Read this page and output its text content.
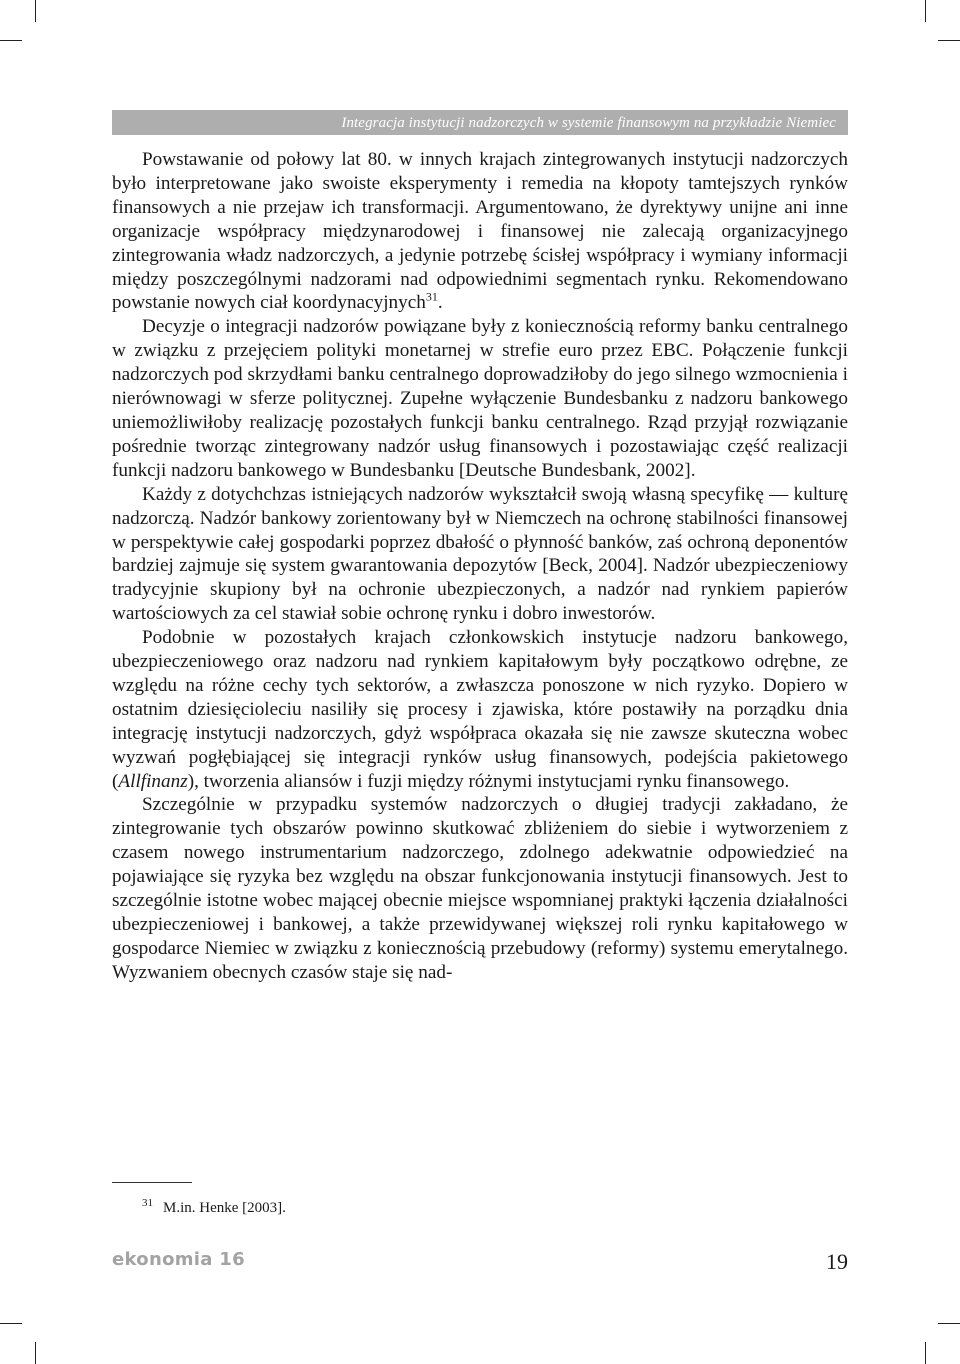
Integracja instytucji nadzorczych w systemie finansowym na przykładzie Niemiec

Powstawanie od połowy lat 80. w innych krajach zintegrowanych instytucji nadzorczych było interpretowane jako swoiste eksperymenty i remedia na kłopoty tamtejszych rynków finansowych a nie przejaw ich transformacji. Argumentowano, że dyrektywy unijne ani inne organizacje współpracy międzynarodowej i finansowej nie zalecają organizacyjnego zintegrowania władz nadzorczych, a jedynie potrzebę ścisłej współpracy i wymiany informacji między poszczególnymi nadzorami nad odpowiednimi segmentach rynku. Rekomendowano powstanie nowych ciał koordynacyjnych$^{31}$.

Decyzje o integracji nadzorów powiązane były z koniecznością reformy banku centralnego w związku z przejęciem polityki monetarnej w strefie euro przez EBC. Połączenie funkcji nadzorczych pod skrzydłami banku centralnego doprowadziłoby do jego silnego wzmocnienia i nierównowagi w sferze politycznej. Zupełne wyłączenie Bundesbanku z nadzoru bankowego uniemożliwiłoby realizację pozostałych funkcji banku centralnego. Rząd przyjął rozwiązanie pośrednie tworząc zintegrowany nadzór usług finansowych i pozostawiając część realizacji funkcji nadzoru bankowego w Bundesbanku [Deutsche Bundesbank, 2002].

Każdy z dotychchzas istniejących nadzorów wykształcił swoją własną specyfikę — kulturę nadzorczą. Nadzór bankowy zorientowany był w Niemczech na ochronę stabilności finansowej w perspektywie całej gospodarki poprzez dbałość o płynność banków, zaś ochroną deponentów bardziej zajmuje się system gwarantowania depozytów [Beck, 2004]. Nadzór ubezpieczeniowy tradycyjnie skupiony był na ochronie ubezpieczonych, a nadzór nad rynkiem papierów wartościowych za cel stawiał sobie ochronę rynku i dobro inwestorów.

Podobnie w pozostałych krajach członkowskich instytucje nadzoru bankowego, ubezpieczeniowego oraz nadzoru nad rynkiem kapitałowym były początkowo odrębne, ze względu na różne cechy tych sektorów, a zwłaszcza ponoszone w nich ryzyko. Dopiero w ostatnim dziesięcioleciu nasiliły się procesy i zjawiska, które postawiły na porządku dnia integrację instytucji nadzorczych, gdyż współpraca okazała się nie zawsze skuteczna wobec wyzwań pogłębiającej się integracji rynków usług finansowych, podejścia pakietowego (Allfinanz), tworzenia aliansów i fuzji między różnymi instytucjami rynku finansowego.

Szczególnie w przypadku systemów nadzorczych o długiej tradycji zakładano, że zintegrowanie tych obszarów powinno skutkować zbliżeniem do siebie i wytworzeniem z czasem nowego instrumentarium nadzorczego, zdolnego adekwatnie odpowiedzieć na pojawiające się ryzyka bez względu na obszar funkcjonowania instytucji finansowych. Jest to szczególnie istotne wobec mającej obecnie miejsce wspomnianej praktyki łączenia działalności ubezpieczeniowej i bankowej, a także przewidywanej większej roli rynku kapitałowego w gospodarce Niemiec w związku z koniecznością przebudowy (reformy) systemu emerytalnego. Wyzwaniem obecnych czasów staje się nad-

$^{31}$ M.in. Henke [2003].
ekonomia 16	19
